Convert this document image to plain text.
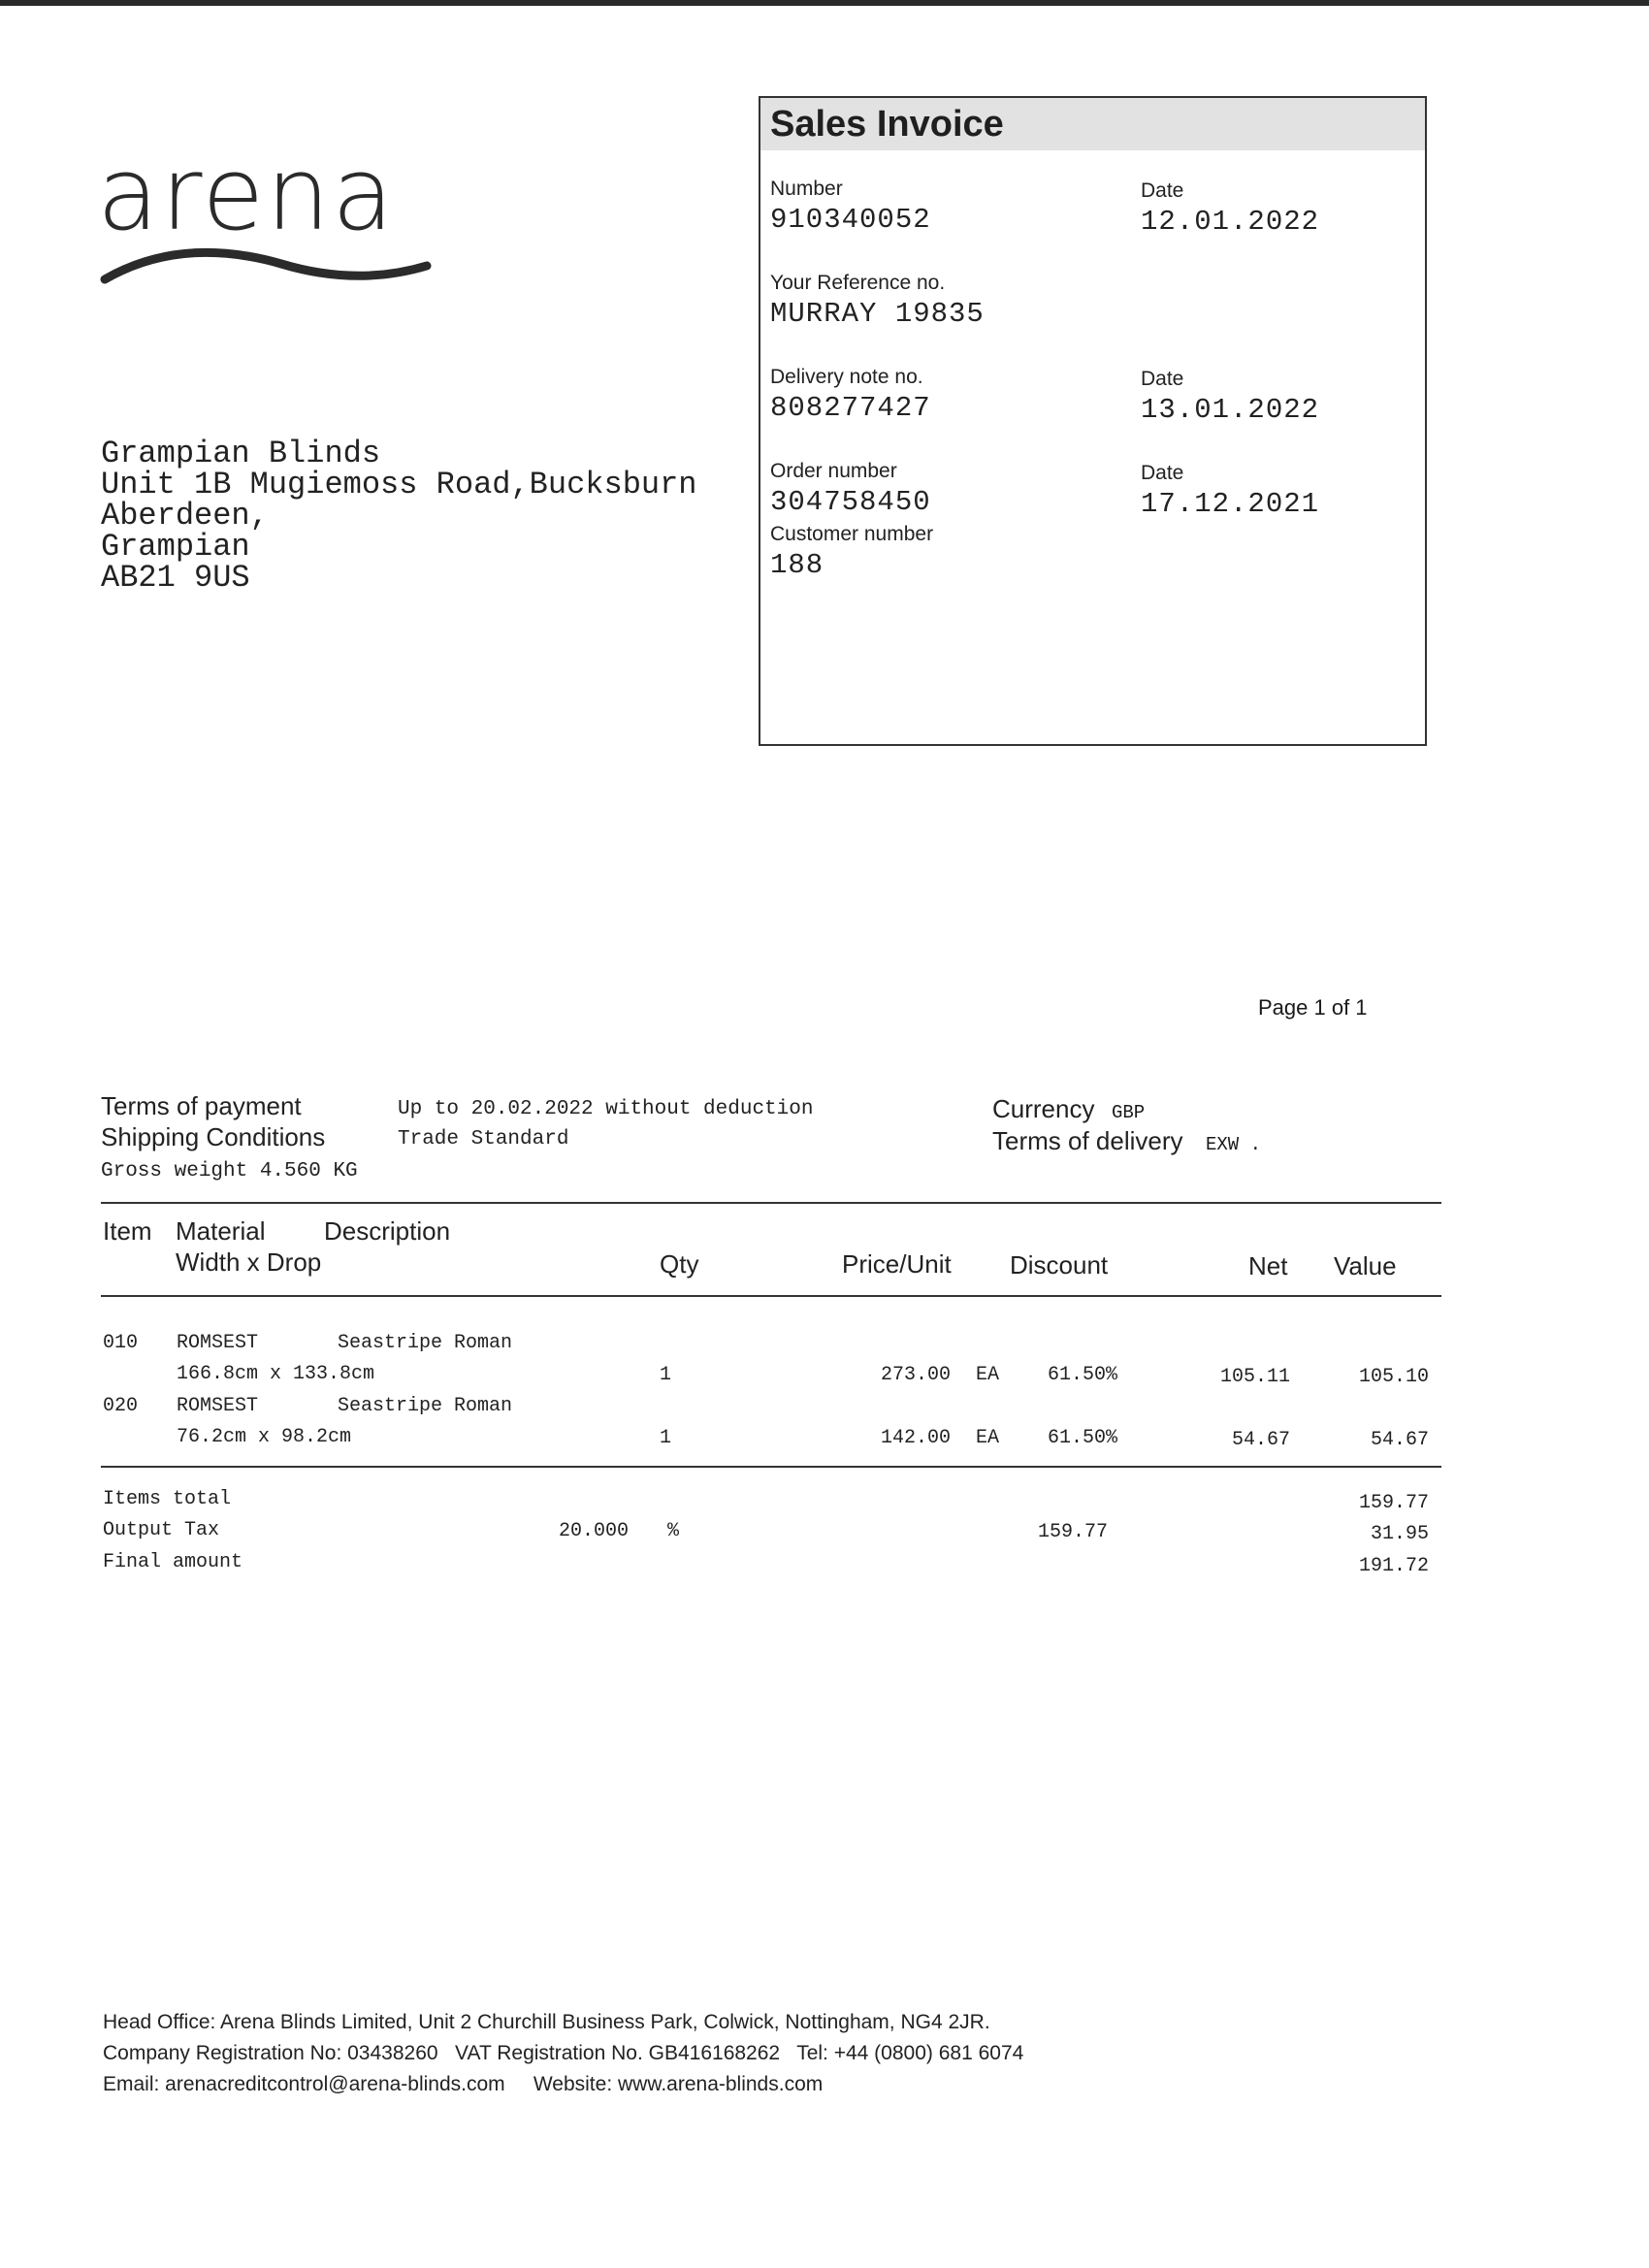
arena
Grampian Blinds
Unit 1B Mugiemoss Road,Bucksburn
Aberdeen,
Grampian
AB21 9US
Sales Invoice
Number
910340052
Date
12.01.2022
Your Reference no.
MURRAY 19835
Delivery note no.
808277427
Date
13.01.2022
Order number
304758450
Date
17.12.2021
Customer number
188
Page 1 of 1
Terms of payment	Up to 20.02.2022 without deduction
Shipping Conditions	Trade Standard
Gross weight 4.560 KG
Currency GBP
Terms of delivery EXW .
Item Material Description
Width x Drop	Qty	Price/Unit Discount	Net Value
010 ROMSEST	Seastripe Roman
166.8cm x 133.8cm	1	273.00 EA	61.50%	105.11	105.10
020 ROMSEST	Seastripe Roman
76.2cm x 98.2cm	1	142.00 EA	61.50%	54.67	54.67
Items total	159.77
Output Tax	20.000 %	159.77	31.95
Final amount	191.72
Head Office: Arena Blinds Limited, Unit 2 Churchill Business Park, Colwick, Nottingham, NG4 2JR.
Company Registration No: 03438260   VAT Registration No. GB416168262   Tel: +44 (0800) 681 6074
Email: arenacreditcontrol@arena-blinds.com     Website: www.arena-blinds.com
